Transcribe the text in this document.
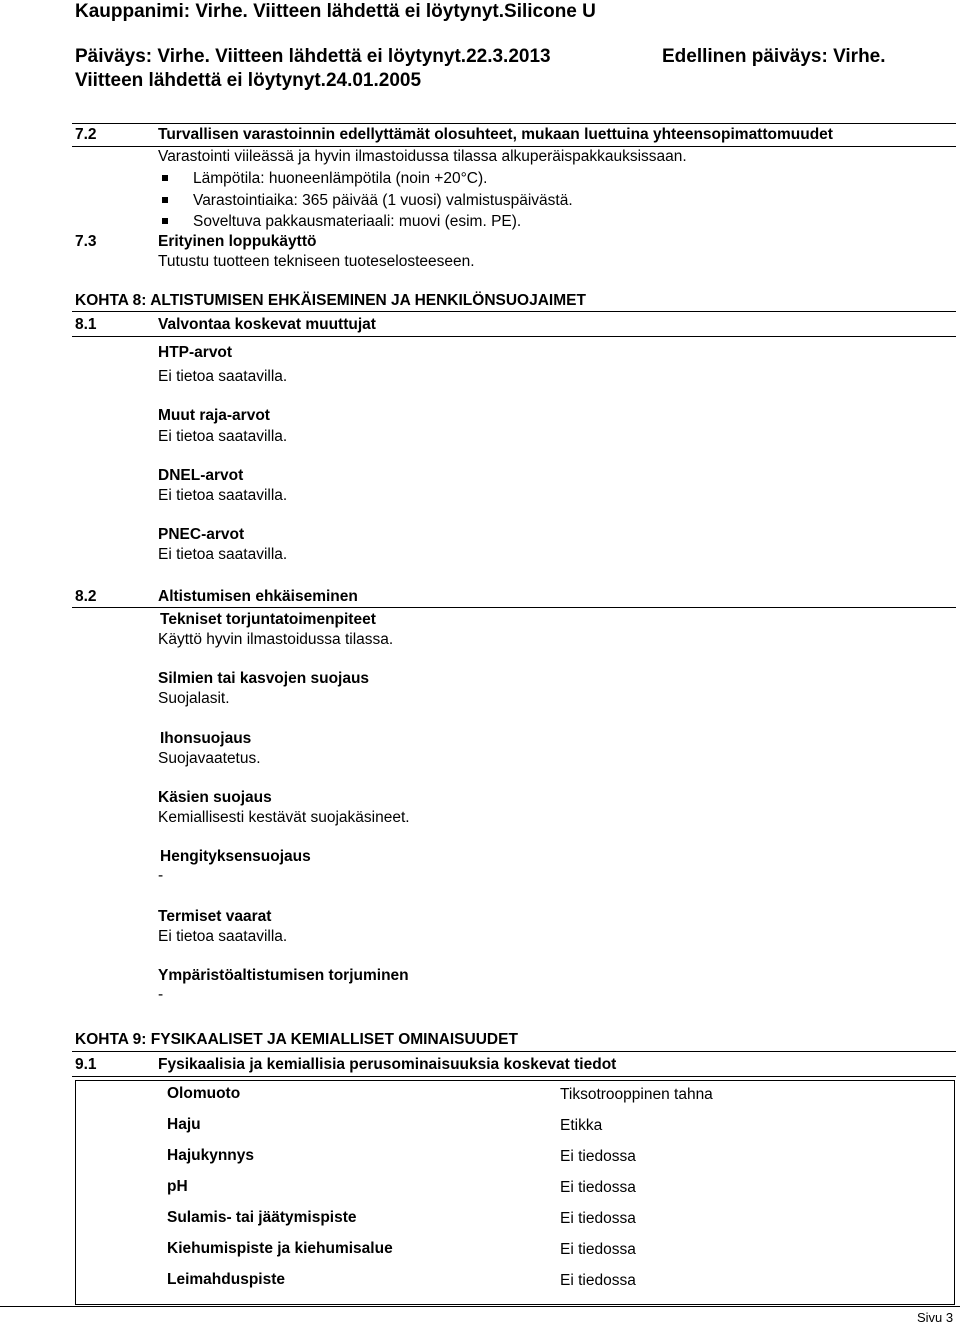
Kauppanimi: Virhe. Viitteen lähdettä ei löytynyt.Silicone U
Päiväys: Virhe. Viitteen lähdettä ei löytynyt.22.3.2013	Edellinen päiväys: Virhe.
Viitteen lähdettä ei löytynyt.24.01.2005
7.2	Turvallisen varastoinnin edellyttämät olosuhteet, mukaan luettuina yhteensopimattomuudet
Varastointi viileässä ja hyvin ilmastoidussa tilassa alkuperäispakkauksissaan.
Lämpötila: huoneenlämpötila (noin +20°C).
Varastointiaika: 365 päivää (1 vuosi) valmistuspäivästä.
Soveltuva pakkausmateriaali: muovi (esim. PE).
7.3	Erityinen loppukäyttö
Tutustu tuotteen tekniseen tuoteselosteeseen.
KOHTA 8: ALTISTUMISEN EHKÄISEMINEN JA HENKILÖNSUOJAIMET
8.1	Valvontaa koskevat muuttujat
HTP-arvot
Ei tietoa saatavilla.
Muut raja-arvot
Ei tietoa saatavilla.
DNEL-arvot
Ei tietoa saatavilla.
PNEC-arvot
Ei tietoa saatavilla.
8.2	Altistumisen ehkäiseminen
Tekniset torjuntatoimenpiteet
Käyttö hyvin ilmastoidussa tilassa.
Silmien tai kasvojen suojaus
Suojalasit.
Ihonsuojaus
Suojavaatetus.
Käsien suojaus
Kemiallisesti kestävät suojakäsineet.
Hengityksensuojaus
-
Termiset vaarat
Ei tietoa saatavilla.
Ympäristöaltistumisen torjuminen
-
KOHTA 9: FYSIKAALISET JA KEMIALLISET OMINAISUUDET
9.1	Fysikaalisia ja kemiallisia perusominaisuuksia koskevat tiedot
Olomuoto	Tiksotrooppinen tahna
Haju	Etikka
Hajukynnys	Ei tiedossa
pH	Ei tiedossa
Sulamis- tai jäätymispiste	Ei tiedossa
Kiehumispiste ja kiehumisalue	Ei tiedossa
Leimahduspiste	Ei tiedossa
Sivu 3
